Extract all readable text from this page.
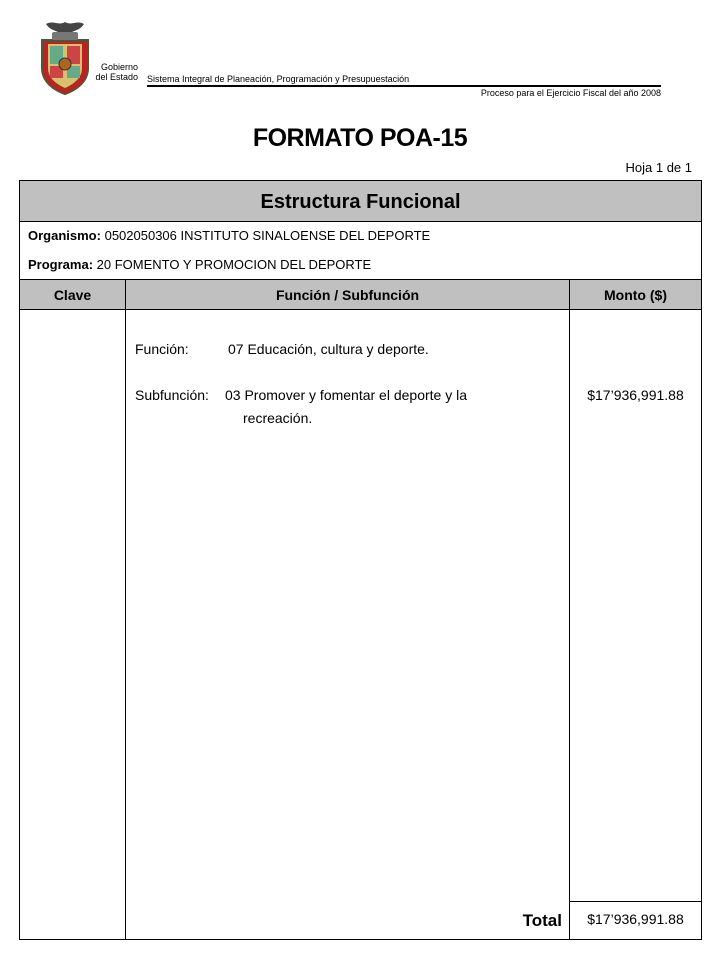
Gobierno
del Estado Sistema Integral de Planeación, Programación y Presupuestación
Proceso para el Ejercicio Fiscal del año 2008
FORMATO POA-15
Hoja 1 de 1
Estructura Funcional
Organismo: 0502050306 INSTITUTO SINALOENSE DEL DEPORTE
Programa: 20 FOMENTO Y PROMOCION DEL DEPORTE
Clave	Función / Subfunción	Monto ($)
Función:	07 Educación, cultura y deporte.
Subfunción: 03 Promover y fomentar el deporte y la
recreación.
$17’936,991.88
Total	$17’936,991.88
